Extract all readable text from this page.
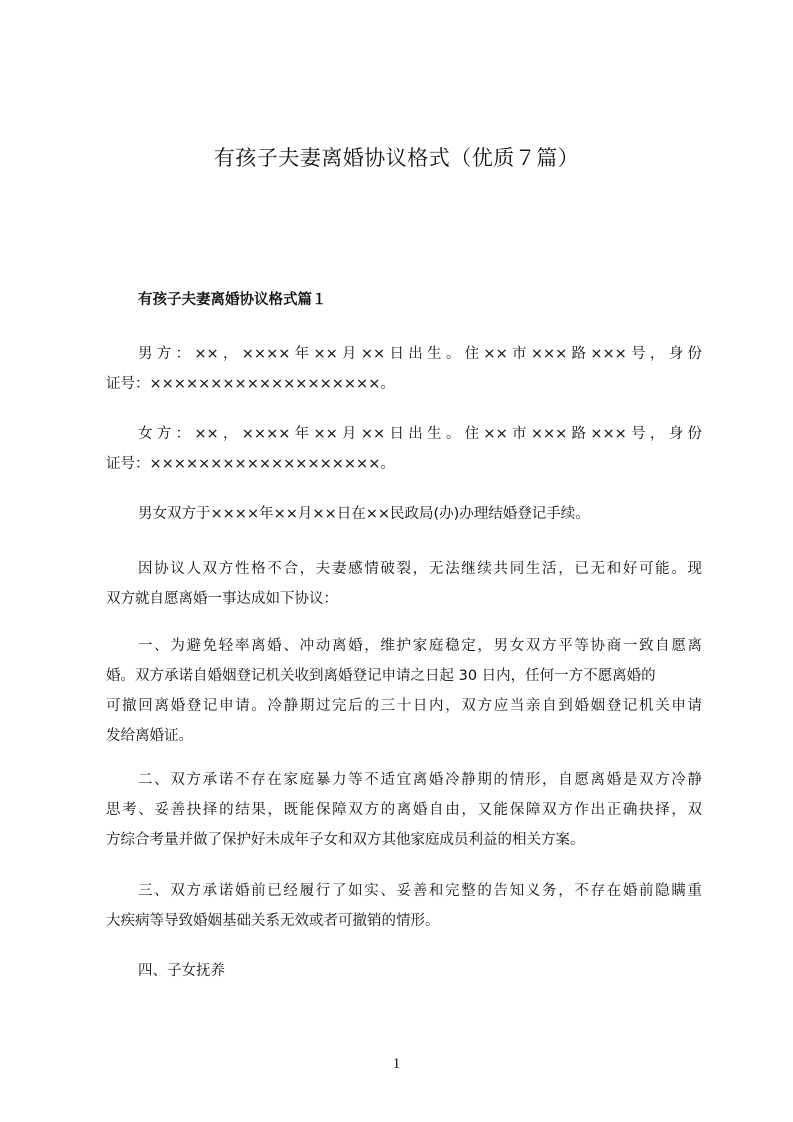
有孩子夫妻离婚协议格式（优质７篇）
有孩子夫妻离婚协议格式篇１
男方：××，××××年××月××日出生。住××市×××路×××号，身份
证号：×××××××××××××××××××。
女方：××，××××年××月××日出生。住××市×××路×××号，身份
证号：×××××××××××××××××××。
男女双方于××××年××月××日在××民政局(办)办理结婚登记手续。
因协议人双方性格不合，夫妻感情破裂，无法继续共同生活，已无和好可能。现
双方就自愿离婚一事达成如下协议：
一、为避免轻率离婚、冲动离婚，维护家庭稳定，男女双方平等协商一致自愿离
婚。双方承诺自婚姻登记机关收到离婚登记申请之日起 30 日内，任何一方不愿离婚的
可撤回离婚登记申请。冷静期过完后的三十日内，双方应当亲自到婚姻登记机关申请
发给离婚证。
二、双方承诺不存在家庭暴力等不适宜离婚冷静期的情形，自愿离婚是双方冷静
思考、妥善抉择的结果，既能保障双方的离婚自由，又能保障双方作出正确抉择，双
方综合考量并做了保护好未成年子女和双方其他家庭成员利益的相关方案。
三、双方承诺婚前已经履行了如实、妥善和完整的告知义务，不存在婚前隐瞒重
大疾病等导致婚姻基础关系无效或者可撤销的情形。
四、子女抚养
1
